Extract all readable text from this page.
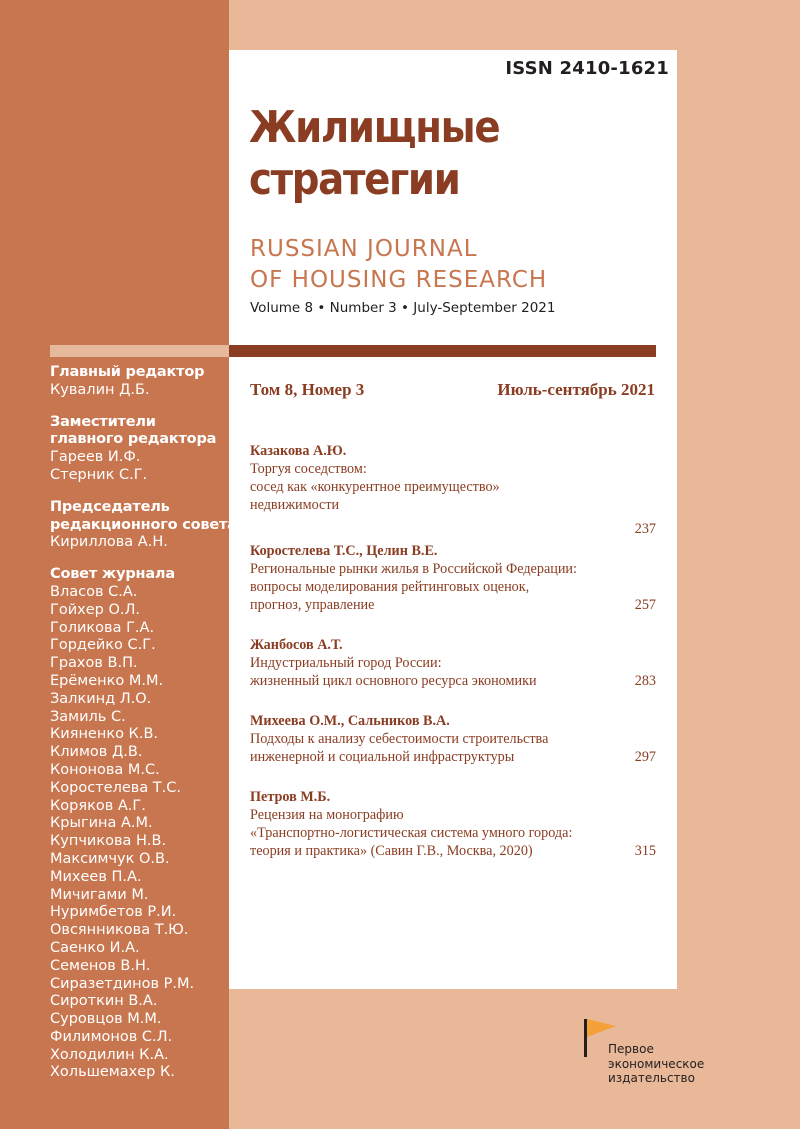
ISSN 2410-1621
Жилищные
стратегии
RUSSIAN JOURNAL
OF HOUSING RESEARCH
Volume 8 • Number 3 • July-September 2021
Том 8, Номер 3	Июль-сентябрь 2021
Казакова А.Ю.
Торгуя соседством:
сосед как «конкурентное преимущество»
недвижимости
237
Коростелева Т.С., Целин В.Е.
Региональные рынки жилья в Российской Федерации:
вопросы моделирования рейтинговых оценок,
прогноз, управление	257
Жанбосов А.Т.
Индустриальный город России:
жизненный цикл основного ресурса экономики	283
Михеева О.М., Сальников В.А.
Подходы к анализу себестоимости строительства
инженерной и социальной инфраструктуры	297
Петров М.Б.
Рецензия на монографию
«Транспортно-логистическая система умного города:
теория и практика» (Савин Г.В., Москва, 2020)	315
Главный редактор
Кувалин Д.Б.
Заместители
главного редактора
Гареев И.Ф.
Стерник С.Г.
Председатель
редакционного совета
Кириллова А.Н.
Совет журнала
Власов С.А.
Гойхер О.Л.
Голикова Г.А.
Гордейко С.Г.
Грахов В.П.
Ерёменко М.М.
Залкинд Л.О.
Замиль С.
Кияненко К.В.
Климов Д.В.
Кононова М.С.
Коростелева Т.С.
Коряков А.Г.
Крыгина А.М.
Купчикова Н.В.
Максимчук О.В.
Михеев П.А.
Мичигами М.
Нуримбетов Р.И.
Овсянникова Т.Ю.
Саенко И.А.
Семенов В.Н.
Сиразетдинов Р.М.
Сироткин В.А.
Суровцов М.М.
Филимонов С.Л.
Холодилин К.А.
Хольшемахер К.
Первое
экономическое
издательство
